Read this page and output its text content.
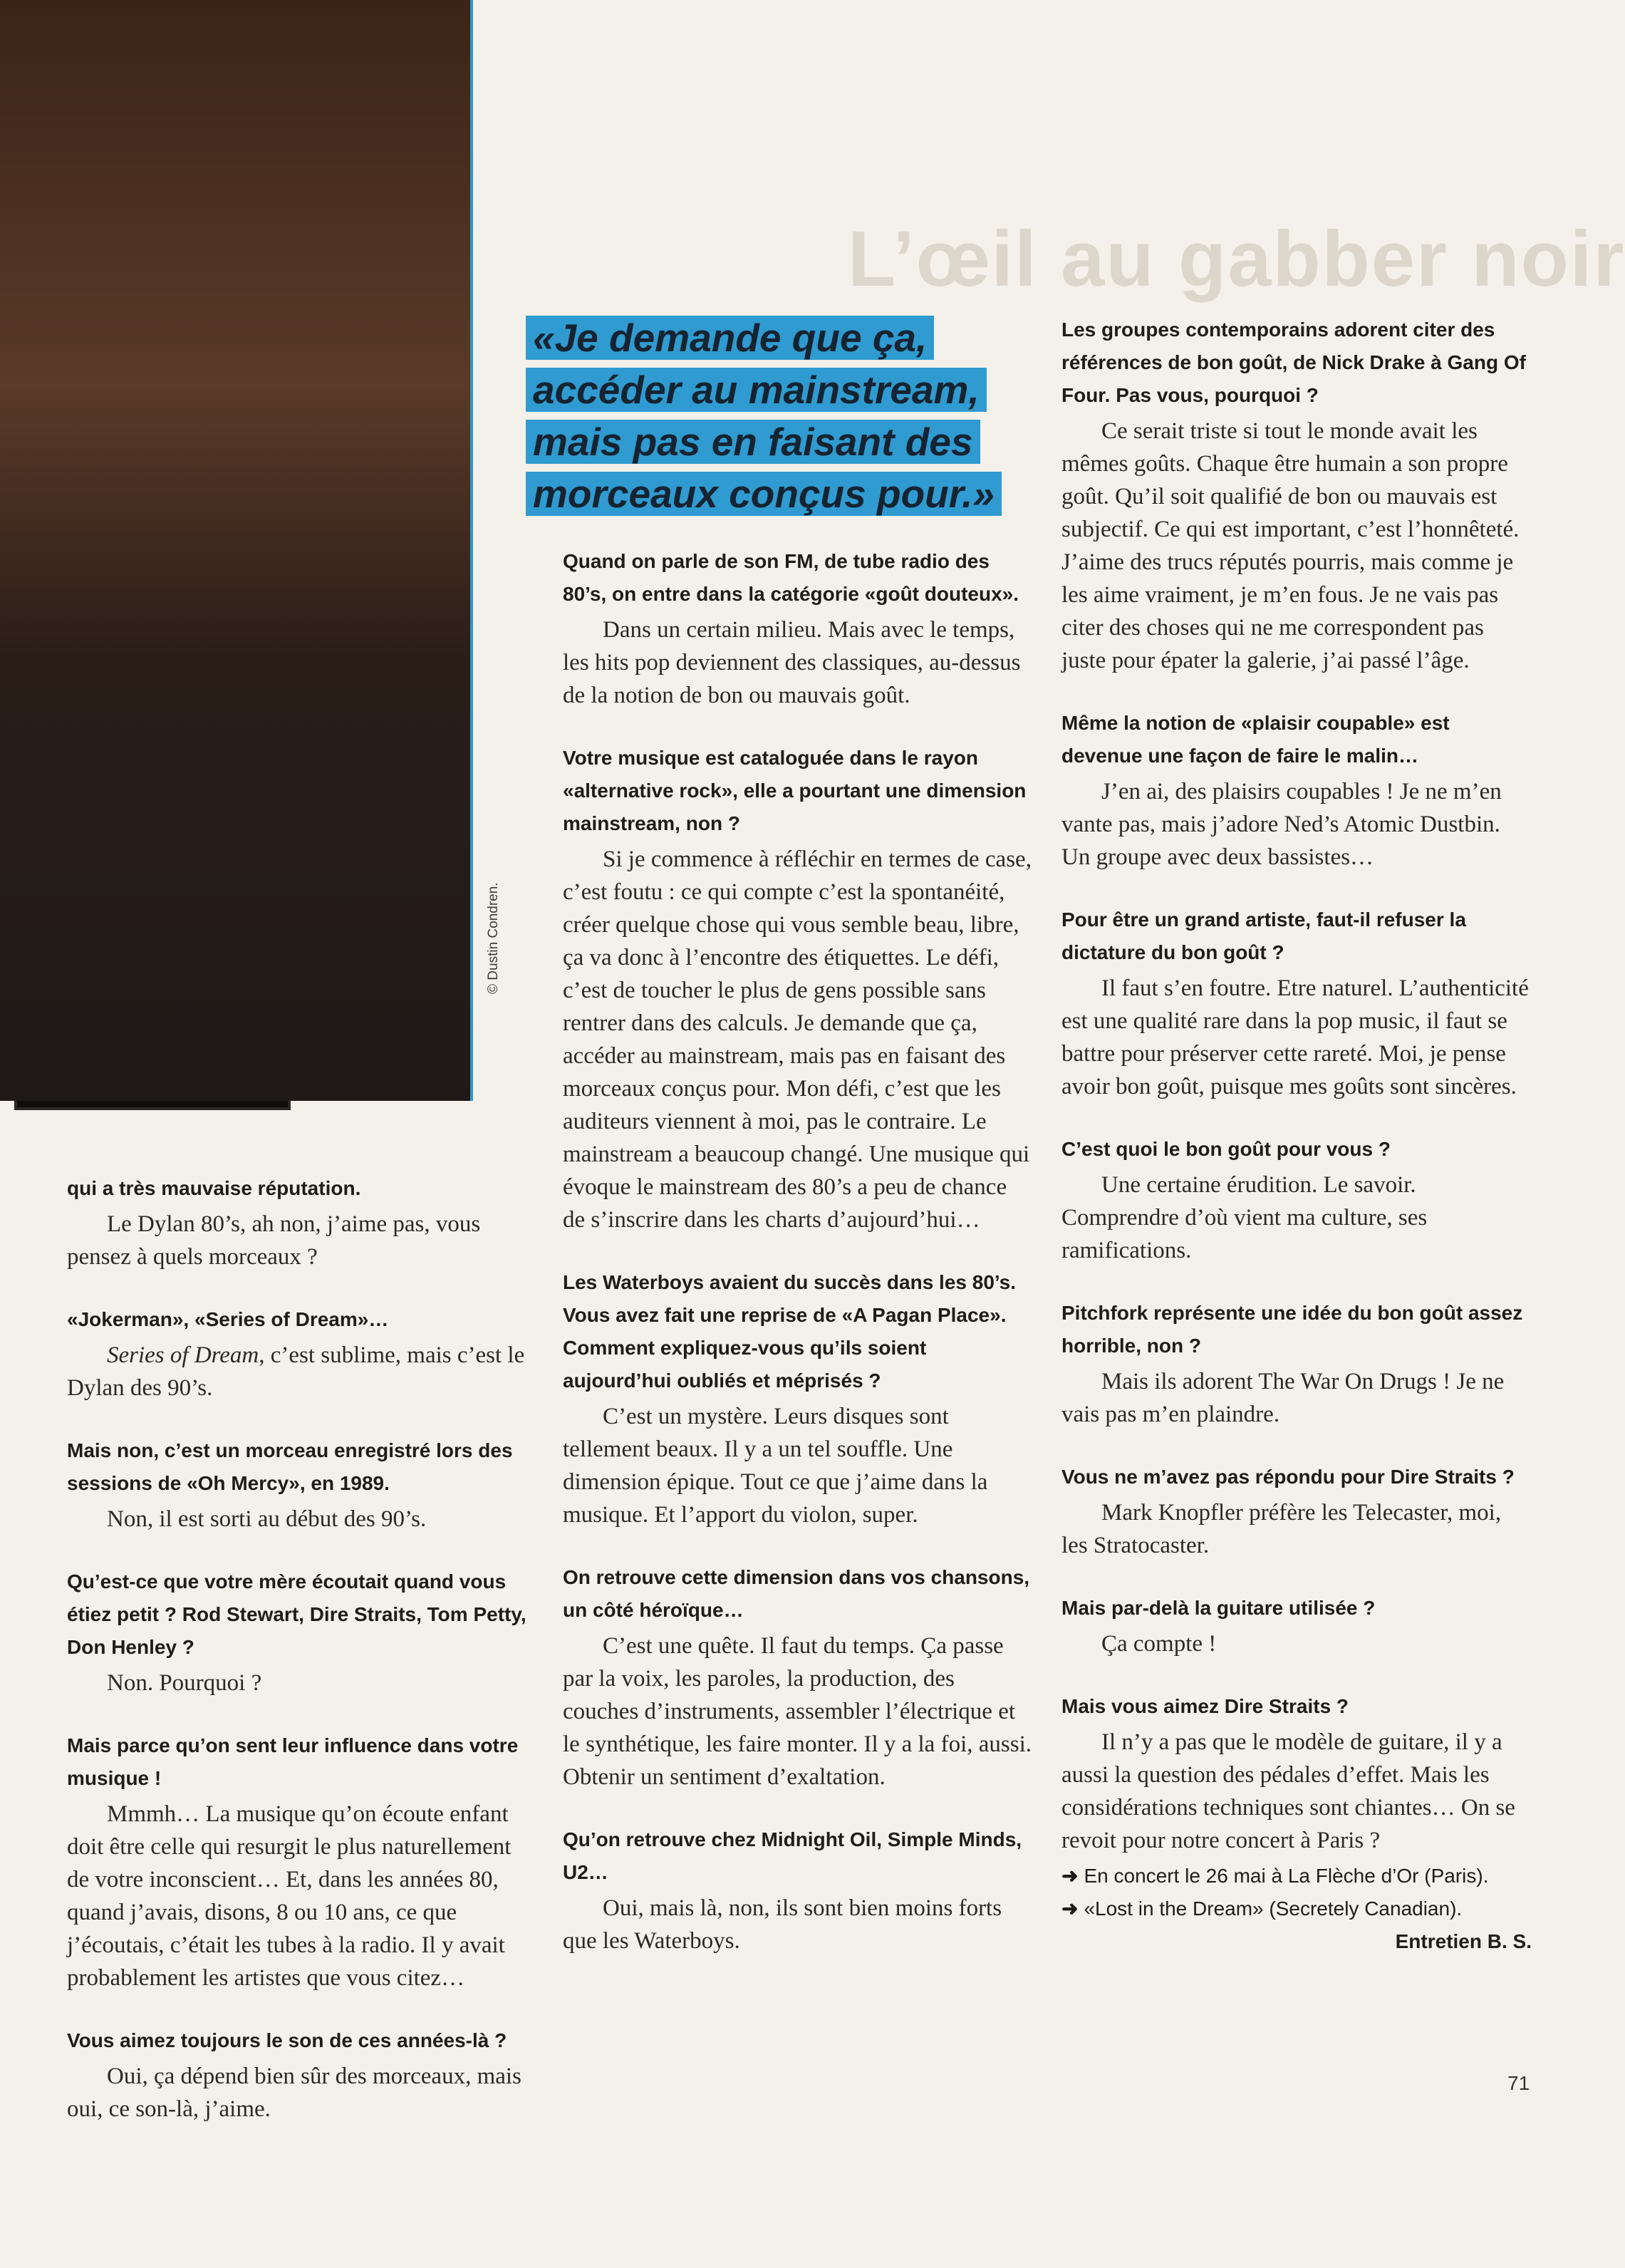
L’œil au gabber noir
© Dustin Condren.
«Je demande que ça, accéder au mainstream, mais pas en faisant des morceaux conçus pour.»

qui a très mauvaise réputation.

Le Dylan 80’s, ah non, j’aime pas, vous pensez à quels morceaux ?

«Jokerman», «Series of Dream»…

Series of Dream, c’est sublime, mais c’est le Dylan des 90’s.

Mais non, c’est un morceau enregistré lors des sessions de «Oh Mercy», en 1989.

Non, il est sorti au début des 90’s.

Qu’est-ce que votre mère écoutait quand vous étiez petit ? Rod Stewart, Dire Straits, Tom Petty, Don Henley ?

Non. Pourquoi ?

Mais parce qu’on sent leur influence dans votre musique !

Mmmh… La musique qu’on écoute enfant doit être celle qui resurgit le plus naturellement de votre inconscient… Et, dans les années 80, quand j’avais, disons, 8 ou 10 ans, ce que j’écoutais, c’était les tubes à la radio. Il y avait probablement les artistes que vous citez…

Vous aimez toujours le son de ces années-là ?

Oui, ça dépend bien sûr des morceaux, mais oui, ce son-là, j’aime.

Quand on parle de son FM, de tube radio des 80’s, on entre dans la catégorie «goût douteux».

Dans un certain milieu. Mais avec le temps, les hits pop deviennent des classiques, au-dessus de la notion de bon ou mauvais goût.

Votre musique est cataloguée dans le rayon «alternative rock», elle a pourtant une dimension mainstream, non ?

Si je commence à réfléchir en termes de case, c’est foutu : ce qui compte c’est la spontanéité, créer quelque chose qui vous semble beau, libre, ça va donc à l’encontre des étiquettes. Le défi, c’est de toucher le plus de gens possible sans rentrer dans des calculs. Je demande que ça, accéder au mainstream, mais pas en faisant des morceaux conçus pour. Mon défi, c’est que les auditeurs viennent à moi, pas le contraire. Le mainstream a beaucoup changé. Une musique qui évoque le mainstream des 80’s a peu de chance de s’inscrire dans les charts d’aujourd’hui…

Les Waterboys avaient du succès dans les 80’s. Vous avez fait une reprise de «A Pagan Place». Comment expliquez-vous qu’ils soient aujourd’hui oubliés et méprisés ?

C’est un mystère. Leurs disques sont tellement beaux. Il y a un tel souffle. Une dimension épique. Tout ce que j’aime dans la musique. Et l’apport du violon, super.

On retrouve cette dimension dans vos chansons, un côté héroïque…

C’est une quête. Il faut du temps. Ça passe par la voix, les paroles, la production, des couches d’instruments, assembler l’électrique et le synthétique, les faire monter. Il y a la foi, aussi. Obtenir un sentiment d’exaltation.

Qu’on retrouve chez Midnight Oil, Simple Minds, U2…

Oui, mais là, non, ils sont bien moins forts que les Waterboys.

Les groupes contemporains adorent citer des références de bon goût, de Nick Drake à Gang Of Four. Pas vous, pourquoi ?

Ce serait triste si tout le monde avait les mêmes goûts. Chaque être humain a son propre goût. Qu’il soit qualifié de bon ou mauvais est subjectif. Ce qui est important, c’est l’honnêteté. J’aime des trucs réputés pourris, mais comme je les aime vraiment, je m’en fous. Je ne vais pas citer des choses qui ne me correspondent pas juste pour épater la galerie, j’ai passé l’âge.

Même la notion de «plaisir coupable» est devenue une façon de faire le malin…

J’en ai, des plaisirs coupables ! Je ne m’en vante pas, mais j’adore Ned’s Atomic Dustbin. Un groupe avec deux bassistes…

Pour être un grand artiste, faut-il refuser la dictature du bon goût ?

Il faut s’en foutre. Etre naturel. L’authenticité est une qualité rare dans la pop music, il faut se battre pour préserver cette rareté. Moi, je pense avoir bon goût, puisque mes goûts sont sincères.

C’est quoi le bon goût pour vous ?

Une certaine érudition. Le savoir. Comprendre d’où vient ma culture, ses ramifications.

Pitchfork représente une idée du bon goût assez horrible, non ?

Mais ils adorent The War On Drugs ! Je ne vais pas m’en plaindre.

Vous ne m’avez pas répondu pour Dire Straits ?

Mark Knopfler préfère les Telecaster, moi, les Stratocaster.

Mais par-delà la guitare utilisée ?

Ça compte !

Mais vous aimez Dire Straits ?

Il n’y a pas que le modèle de guitare, il y a aussi la question des pédales d’effet. Mais les considérations techniques sont chiantes… On se revoit pour notre concert à Paris ?

➜ En concert le 26 mai à La Flèche d’Or (Paris).
➜ «Lost in the Dream» (Secretely Canadian).
Entretien B. S.
71
